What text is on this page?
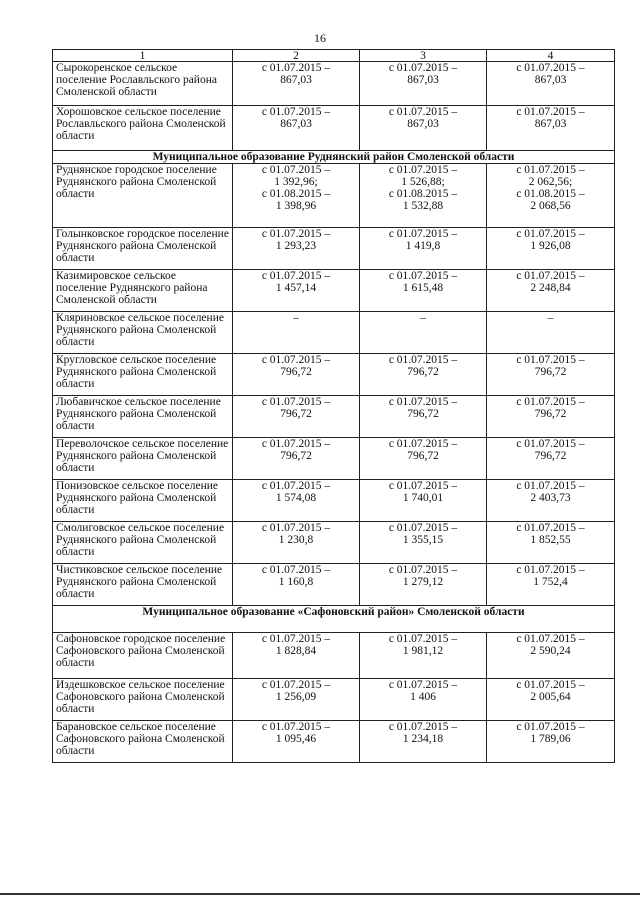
16
1	2	3	4
Сырокоренское сельское поселение Рославльского района Смоленской области	с 01.07.2015 –
867,03	с 01.07.2015 –
867,03	с 01.07.2015 –
867,03
Хорошовское сельское поселение Рославльского района Смоленской области	с 01.07.2015 –
867,03	с 01.07.2015 –
867,03	с 01.07.2015 –
867,03
Муниципальное образование Руднянский район Смоленской области			
Руднянское городское поселение Руднянского района Смоленской области	с 01.07.2015 –
1 392,96;
с 01.08.2015 –
1 398,96	с 01.07.2015 –
1 526,88;
с 01.08.2015 –
1 532,88	с 01.07.2015 –
2 062,56;
с 01.08.2015 –
2 068,56
Голынковское городское поселение Руднянского района Смоленской области	с 01.07.2015 –
1 293,23	с 01.07.2015 –
1 419,8	с 01.07.2015 –
1 926,08
Казимировское сельское поселение Руднянского района Смоленской области	с 01.07.2015 –
1 457,14	с 01.07.2015 –
1 615,48	с 01.07.2015 –
2 248,84
Кляриновское сельское поселение Руднянского района Смоленской области	–	–	–
Кругловское сельское поселение Руднянского района Смоленской области	с 01.07.2015 –
796,72	с 01.07.2015 –
796,72	с 01.07.2015 –
796,72
Любавичское сельское поселение Руднянского района Смоленской области	с 01.07.2015 –
796,72	с 01.07.2015 –
796,72	с 01.07.2015 –
796,72
Переволочское сельское поселение Руднянского района Смоленской области	с 01.07.2015 –
796,72	с 01.07.2015 –
796,72	с 01.07.2015 –
796,72
Понизовское сельское поселение Руднянского района Смоленской области	с 01.07.2015 –
1 574,08	с 01.07.2015 –
1 740,01	с 01.07.2015 –
2 403,73
Смолиговское сельское поселение Руднянского района Смоленской области	с 01.07.2015 –
1 230,8	с 01.07.2015 –
1 355,15	с 01.07.2015 –
1 852,55
Чистиковское сельское поселение Руднянского района Смоленской области	с 01.07.2015 –
1 160,8	с 01.07.2015 –
1 279,12	с 01.07.2015 –
1 752,4
Муниципальное образование «Сафоновский район» Смоленской области			
Сафоновское городское поселение Сафоновского района Смоленской области	с 01.07.2015 –
1 828,84	с 01.07.2015 –
1 981,12	с 01.07.2015 –
2 590,24
Издешковское сельское поселение Сафоновского района Смоленской области	с 01.07.2015 –
1 256,09	с 01.07.2015 –
1 406	с 01.07.2015 –
2 005,64
Барановское сельское поселение Сафоновского района Смоленской области	с 01.07.2015 –
1 095,46	с 01.07.2015 –
1 234,18	с 01.07.2015 –
1 789,06
